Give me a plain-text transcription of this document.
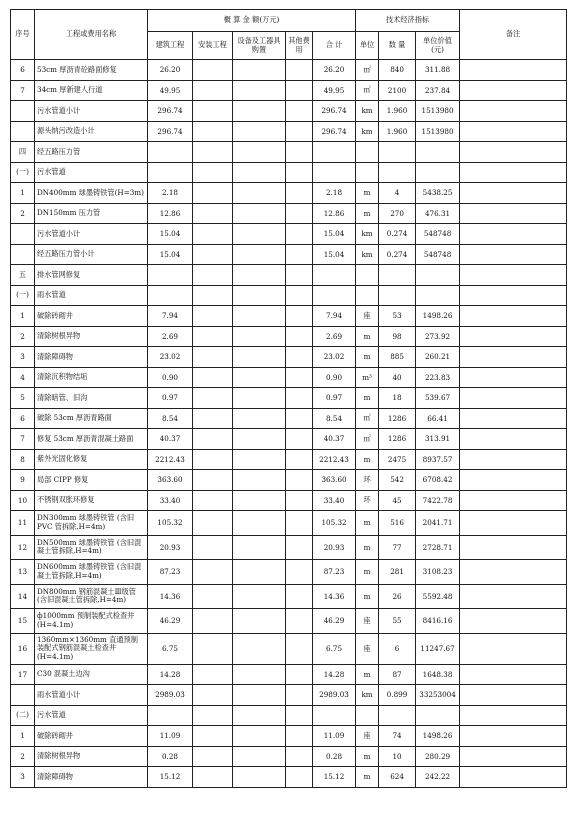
序号	工程或费用名称	概 算 金 额(万元)					技术经济指标			备注
		建筑工程	安装工程	设备及工器具购置	其他费用	合 计	单位	数 量	单位价值(元)	
6	53cm 厚沥青砼路面修复	26.20				26.20	㎡	840	311.88	
7	34cm 厚新建人行道	49.95				49.95	㎡	2100	237.84	
	污水管道小计	296.74				296.74	km	1.960	1513980	
	源头纳污改造小计	296.74				296.74	km	1.960	1513980	
四	经五路压力管									
(一)	污水管道									
1	DN400mm 球墨铸铁管(H=3m)	2.18				2.18	m	4	5438.25	
2	DN150mm 压力管	12.86				12.86	m	270	476.31	
	污水管道小计	15.04				15.04	km	0.274	548748	
	经五路压力管小计	15.04				15.04	km	0.274	548748	
五	排水管网修复									
(一)	雨水管道									
1	破除砖砌井	7.94				7.94	座	53	1498.26	
2	清除树根异物	2.69				2.69	m	98	273.92	
3	清除障碍物	23.02				23.02	m	885	260.21	
4	清除沉积物结垢	0.90				0.90	m³	40	223.83	
5	清除暗管、旧沟	0.97				0.97	m	18	539.67	
6	破除 53cm 厚沥青路面	8.54				8.54	㎡	1286	66.41	
7	修复 53cm 厚沥青混凝土路面	40.37				40.37	㎡	1286	313.91	
8	紫外光固化修复	2212.43				2212.43	m	2475	8937.57	
9	局部 CIPP 修复	363.60				363.60	环	542	6708.42	
10	不锈钢双胀环修复	33.40				33.40	环	45	7422.78	
11	DN300mm 球墨铸铁管 (含旧PVC 管拆除,H=4m)	105.32				105.32	m	516	2041.71	
12	DN500mm 球墨铸铁管 (含旧混凝土管拆除,H=4m)	20.93				20.93	m	77	2728.71	
13	DN600mm 球墨铸铁管 (含旧混凝土管拆除,H=4m)	87.23				87.23	m	281	3108.23	
14	DN800mm 钢筋混凝土Ⅲ级管(含旧混凝土管拆除,H=4m)	14.36				14.36	m	26	5592.48	
15	ф1000mm 预制装配式检查井(H=4.1m)	46.29				46.29	座	55	8416.16	
16	1360mm×1360mm 直通预制装配式钢筋混凝土检查井(H=4.1m)	6.75				6.75	座	6	11247.67	
17	C30 混凝土边沟	14.28				14.28	m	87	1648.38	
	雨水管道小计	2989.03				2989.03	km	0.899	33253004	
(二)	污水管道									
1	破除砖砌井	11.09				11.09	座	74	1498.26	
2	清除树根异物	0.28				0.28	m	10	280.29	
3	清除障碍物	15.12				15.12	m	624	242.22	
